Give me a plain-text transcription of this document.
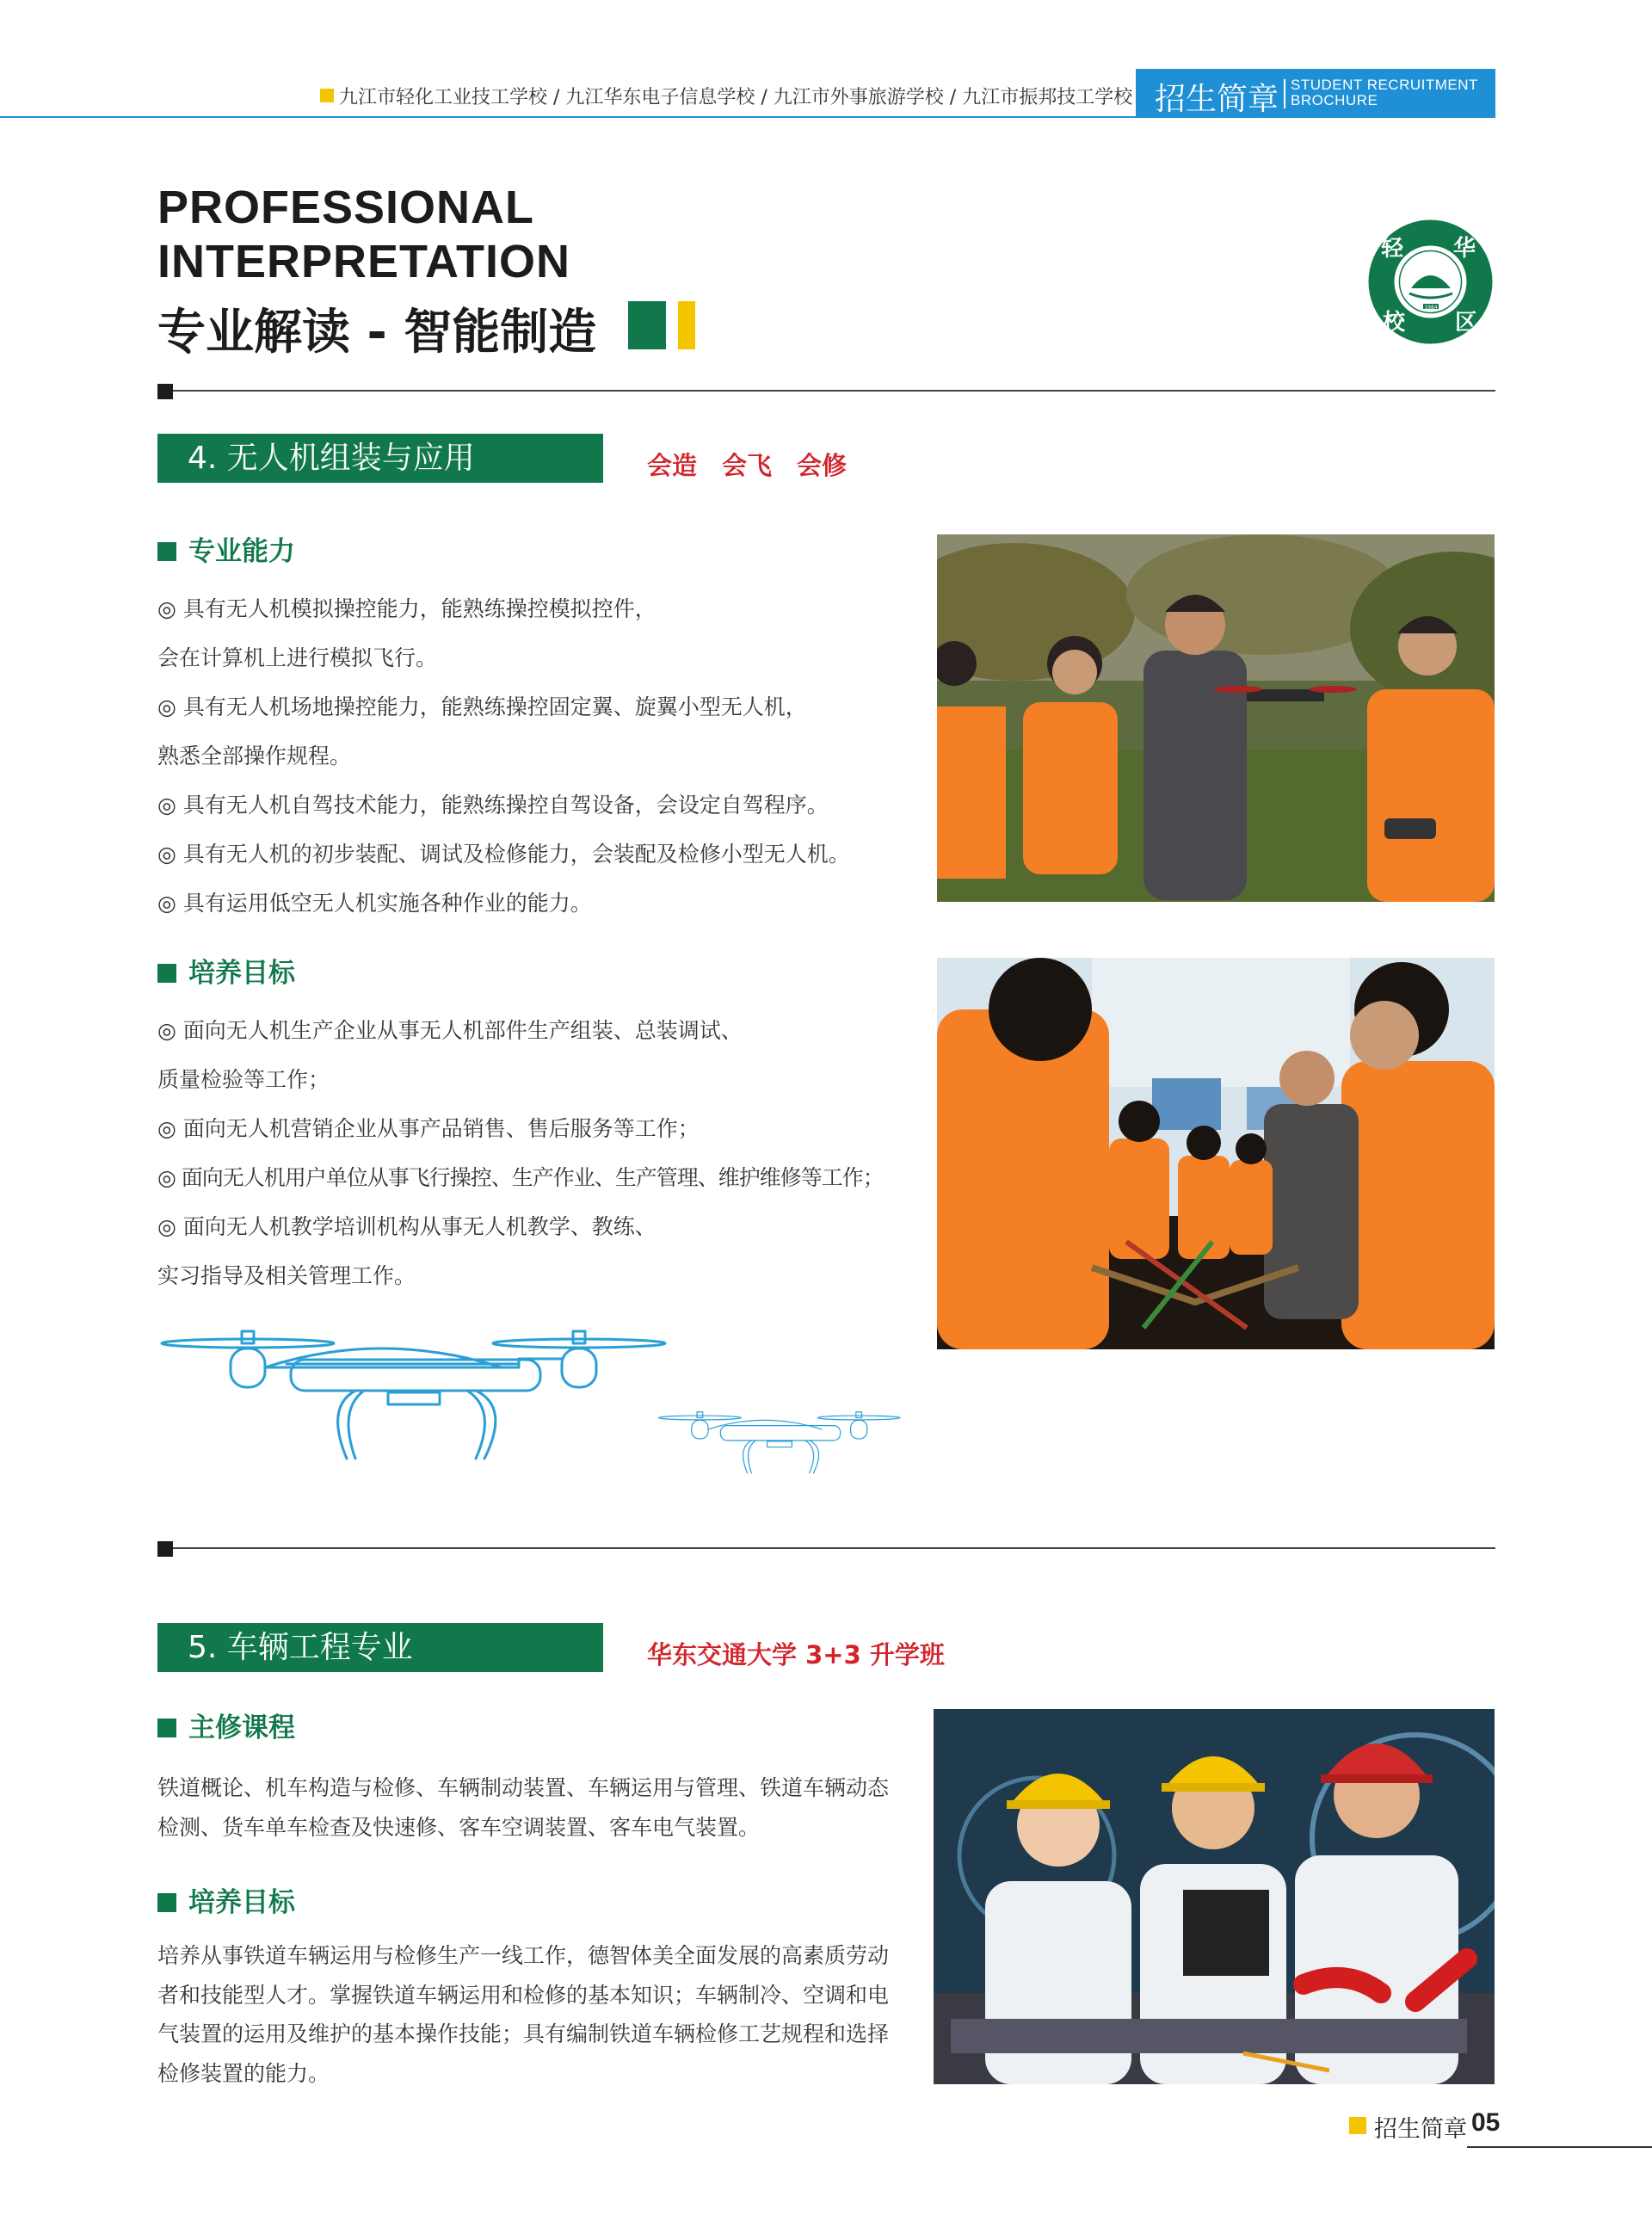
九江市轻化工业技工学校 / 九江华东电子信息学校 / 九江市外事旅游学校 / 九江市振邦技工学校 招生简章 STUDENT RECRUITMENT
BROCHURE
PROFESSIONAL
INTERPRETATION
专业解读 - 智能制造	1984
轻 华
校 区
4. 无人机组装与应用	会造　会飞　会修
专业能力
◎ 具有无人机模拟操控能力，能熟练操控模拟控件，
会在计算机上进行模拟飞行。
◎ 具有无人机场地操控能力，能熟练操控固定翼、旋翼小型无人机，
熟悉全部操作规程。
◎ 具有无人机自驾技术能力，能熟练操控自驾设备，会设定自驾程序。
◎ 具有无人机的初步装配、调试及检修能力，会装配及检修小型无人机。
◎ 具有运用低空无人机实施各种作业的能力。
培养目标
◎ 面向无人机生产企业从事无人机部件生产组装、总装调试、
质量检验等工作；
◎ 面向无人机营销企业从事产品销售、售后服务等工作；
◎ 面向无人机用户单位从事飞行操控、生产作业、生产管理、维护维修等工作；
◎ 面向无人机教学培训机构从事无人机教学、教练、
实习指导及相关管理工作。
5. 车辆工程专业	华东交通大学 3+3 升学班
主修课程
铁道概论、机车构造与检修、车辆制动装置、车辆运用与管理、铁道车辆动态检测、货车单车检查及快速修、客车空调装置、客车电气装置。
培养目标
培养从事铁道车辆运用与检修生产一线工作，德智体美全面发展的高素质劳动者和技能型人才。掌握铁道车辆运用和检修的基本知识；车辆制冷、空调和电气装置的运用及维护的基本操作技能；具有编制铁道车辆检修工艺规程和选择检修装置的能力。
招生简章 05
